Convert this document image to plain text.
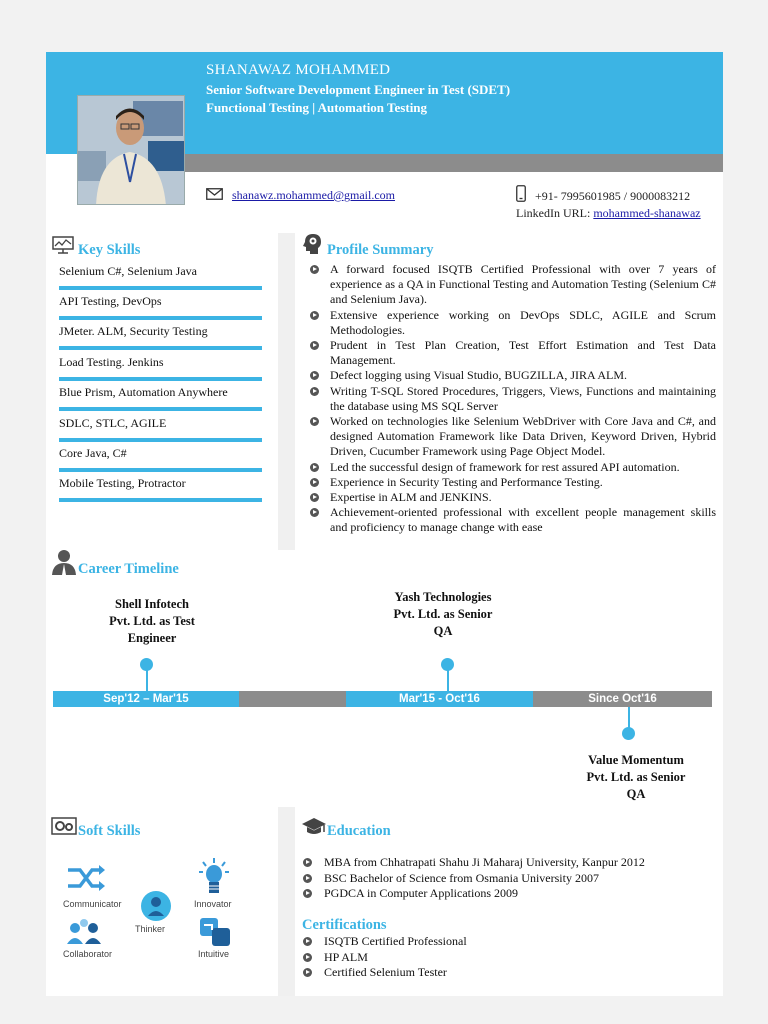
SHANAWAZ MOHAMMED
Senior Software Development Engineer in Test (SDET)
Functional Testing | Automation Testing
shanawz.mohammed@gmail.com	+91- 7995601985 / 9000083212
LinkedIn URL: mohammed-shanawaz
Key Skills
Selenium C#, Selenium Java
API Testing, DevOps
JMeter. ALM, Security Testing
Load Testing. Jenkins
Blue Prism, Automation Anywhere
SDLC, STLC, AGILE
Core Java, C#
Mobile Testing, Protractor
Profile Summary
A forward focused ISQTB Certified Professional with over 7 years of experience as a QA in Functional Testing and Automation Testing (Selenium C# and Selenium Java).
Extensive experience working on DevOps SDLC, AGILE and Scrum Methodologies.
Prudent in Test Plan Creation, Test Effort Estimation and Test Data Management.
Defect logging using Visual Studio, BUGZILLA, JIRA ALM.
Writing T-SQL Stored Procedures, Triggers, Views, Functions and maintaining the database using MS SQL Server
Worked on technologies like Selenium WebDriver with Core Java and C#, and designed Automation Framework like Data Driven, Keyword Driven, Hybrid Driven, Cucumber Framework using Page Object Model.
Led the successful design of framework for rest assured API automation.
Experience in Security Testing and Performance Testing.
Expertise in ALM and JENKINS.
Achievement-oriented professional with excellent people management skills and proficiency to manage change with ease
Career Timeline
Shell Infotech
Pvt. Ltd. as Test
Engineer
Yash Technologies
Pvt. Ltd. as Senior
QA
Value Momentum
Pvt. Ltd. as Senior
QA
Sep'12 – Mar'15	Mar'15 - Oct'16	Since Oct'16
Soft Skills
Communicator	Innovator
Thinker
Collaborator	Intuitive
Education
MBA from Chhatrapati Shahu Ji Maharaj University, Kanpur 2012
BSC Bachelor of Science from Osmania University 2007
PGDCA in Computer Applications 2009
Certifications
ISQTB Certified Professional
HP ALM
Certified Selenium Tester
